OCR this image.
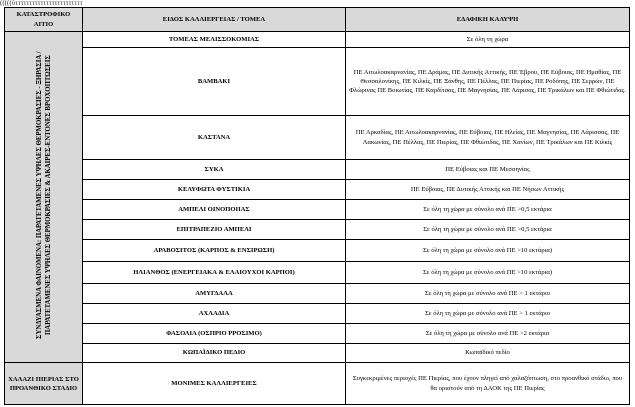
(((((ὐττττττττττττττττττττττττ
ΚΑΤΑΣΤΡΟΦΙΚΟ ΑΙΤΙΟ	ΕΙΔΟΣ ΚΑΛΛΙΕΡΓΕΙΑΣ / ΤΟΜΕΑ	ΕΔΑΦΙΚΗ ΚΑΛΥΨΗ
ΣΥΝΔΥΑΣΜΕΝΑ ΦΑΙΝΟΜΕΝΑ: ΠΑΡΑΤΕΤΑΜΕΝΕΣ ΥΨΗΛΕΣ ΘΕΡΜΟΚΡΑΣΙΕΣ - ΞΗΡΑΣΙΑ / ΠΑΡΑΤΕΤΑΜΕΝΕΣ ΥΨΗΛΕΣ ΘΕΡΜΟΚΡΑΣΙΕΣ & ΑΚΑΙΡΕΣ-ΕΝΤΟΝΕΣ ΒΡΟΧΟΠΤΩΣΕΙΣ	ΤΟΜΕΑΣ ΜΕΛΙΣΣΟΚΟΜΙΑΣ	Σε όλη τη χώρα
	ΒΑΜΒΑΚΙ	ΠΕ Αιτωλοακαρνανίας, ΠΕ Δράμας, ΠΕ Δυτικής Αττικής, ΠΕ Έβρου, ΠΕ Εύβοιας, ΠΕ Ημαθίας, ΠΕ Θεσσαλονίκης, ΠΕ Κιλκίς, ΠΕ Ξάνθης, ΠΕ Πέλλας, ΠΕ Πιερίας, ΠΕ Ροδόπης, ΠΕ Σερρών, ΠΕ Φλώρινας ΠΕ Βοιωτίας, ΠΕ Καρδίτσας, ΠΕ Μαγνησίας, ΠΕ Λάρισας, ΠΕ Τρικάλων και ΠΕ Φθιώτιδας.
	ΚΑΣΤΑΝΑ	ΠΕ Αρκαδίας, ΠΕ Αιτωλοακαρνανίας, ΠΕ Εύβοιας, ΠΕ Ηλείας, ΠΕ Μαγνησίας, ΠΕ Λάρισσας, ΠΕ Λακωνίας, ΠΕ Πέλλας, ΠΕ Πιερίας, ΠΕ Φθιώτιδας, ΠΕ Χανίων, ΠΕ Τρικάλων και ΠΕ Κιλκίς
	ΣΥΚΑ	ΠΕ Εύβοιας και ΠΕ Μεσσηνίας
	ΚΕΛΥΦΩΤΑ ΦΥΣΤΙΚΙΑ	ΠΕ Εύβοιας, ΠΕ Δυτικής Αττικής και ΠΕ Νήσων Αττικής
	ΑΜΠΕΛΙ ΟΙΝΟΠΟΙΙΑΣ	Σε όλη τη χώρα με σύνολο ανά ΠΕ >0,5 εκτάρια
	ΕΠΙΤΡΑΠΕΖΙΟ ΑΜΠΕΛΙ	Σε όλη τη χώρα με σύνολο ανά ΠΕ >0,5 εκτάρια
	ΑΡΑΒΟΣΙΤΟΣ (ΚΑΡΠΟΣ & ΕΝΣΙΡΩΣΗ)	Σε όλη τη χώρα με σύνολο ανά ΠΕ >10 εκτάρια)
	ΗΛΙΑΝΘΟΣ (ΕΝΕΡΓΕΙΑΚΑ & ΕΛΑΙΟΥΧΟΙ ΚΑΡΠΟΙ)	Σε όλη τη χώρα με σύνολο ανά ΠΕ >10 εκτάρια)
	ΑΜΥΓΔΑΛΑ	Σε όλη τη χώρα με σύνολο ανά ΠΕ > 1 εκτάριο
	ΑΧΛΑΔΙΑ	Σε όλη τη χώρα με σύνολο ανά ΠΕ > 1 εκτάριο
	ΦΑΣΟΛΙΑ (ΟΣΠΡΙΟ ΡΡΟΣΙΜΟ)	Σε όλη τη χώρα με σύνολο ανά ΠΕ >2 εκτάρια
	ΚΩΠΑΪΔΙΚΟ ΠΕΔΙΟ	Κωπαϊδικό πεδίο
ΧΑΛΑΖΙ ΠΙΕΡΙΑΣ ΣΤΟ ΠΡΟΑΝΘΙΚΟ ΣΤΑΔΙΟ	ΜΟΝΙΜΕΣ ΚΑΛΛΙΕΡΓΕΙΕΣ	Συγκεκριμένες περιοχές ΠΕ Πιερίας, που έχουν πληγεί από χαλαζόπτωση, στο προανθικό στάδιο, που θα οριστούν από τη ΔΑΟΚ της ΠΕ Πιερίας
